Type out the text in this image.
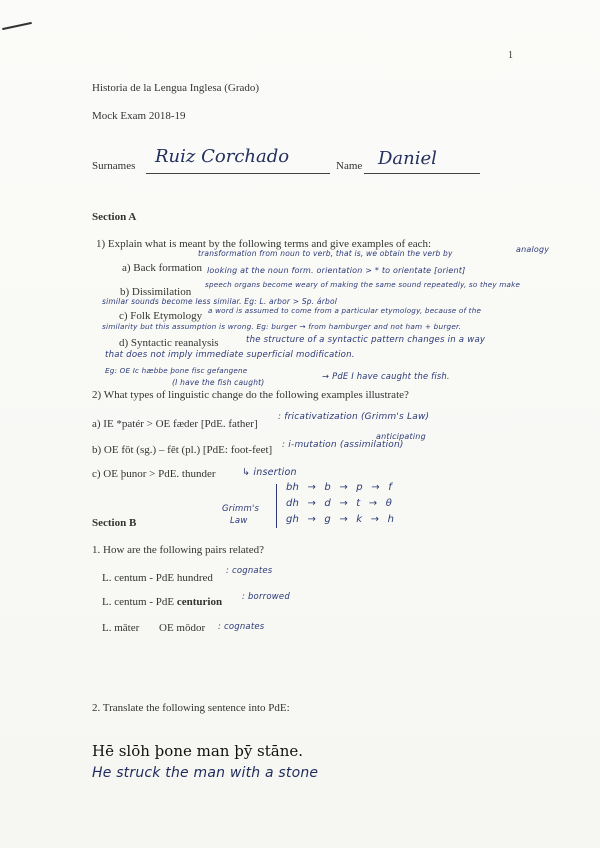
1
Historia de la Lengua Inglesa (Grado)
Mock Exam 2018-19
Surnames Ruiz Corchado	Name Daniel
Section A
1) Explain what is meant by the following terms and give examples of each:
transformation from noun to verb, that is, we obtain the verb by	analogy
a) Back formation looking at the noun form. orientation > * to orientate [orient]
speech organs become weary of making the same sound repeatedly, so they make
b) Dissimilation
similar sounds become less similar. Eg: L. arbor > Sp. árbol
a word is assumed to come from a particular etymology, because of the
c) Folk Etymology
similarity but this assumption is wrong. Eg: burger → from hamburger and not ham + burger.
d) Syntactic reanalysis	the structure of a syntactic pattern changes in a way
that does not imply immediate superficial modification.
Eg: OE Ic hæbbe þone fisc gefangene
→ PdE I have caught the fish.
(I have the fish caught)
2) What types of linguistic change do the following examples illustrate?
a) IE *patér > OE fæder [PdE. father]
: fricativatization (Grimm's Law)
anticipating
b) OE fōt (sg.) – fēt (pl.) [PdE: foot-feet] : i-mutation (assimilation)
c) OE þunor > PdE. thunder	↳ insertion
Grimm's
Law
bh → b → p → f
dh → d → t → θ
gh → g → k → h
Section B
1. How are the following pairs related?
L. centum - PdE hundred
: cognates
L. centum - PdE centurion : borrowed
L. māter OE mōdor : cognates
2. Translate the following sentence into PdE:
Hē slōh þone man þȳ stāne.
He struck the man with a stone
